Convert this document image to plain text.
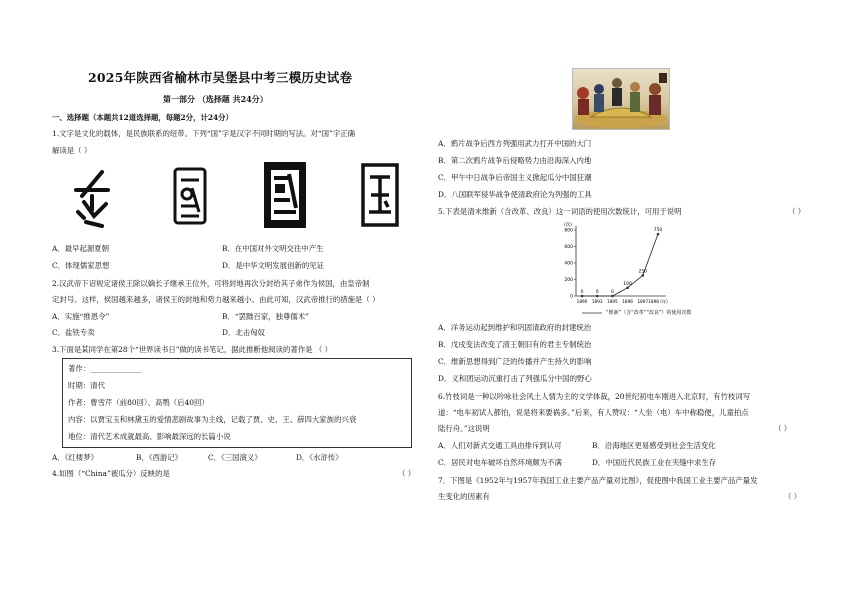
2025年陕西省榆林市吴堡县中考三模历史试卷
第一部分 （选择题 共24分）
一、选择题（本题共12道选择题，每题2分，计24分）
1.文字是文化的载体，是民族联系的纽带。下列“国”字是汉字不同时期的写法。对“国”字正确
解读是（ ）
A．最早起源夏朝	B．在中国对外文明交往中产生
C．体现儒家思想	D．是中华文明发展创新的见证
2.汉武帝下诏规定诸侯王除以嫡长子继承王位外，可将封地再次分封给其子弟作为侯国，由皇帝制
定封号。这样，侯国越来越多，诸侯王的封地和势力越来越小。由此可知，汉武帝推行的措施是（ ）
A．实施“推恩令”	B．“罢黜百家，独尊儒术”
C．盐铁专卖	D．北击匈奴
3.下面是某同学在第28个“世界读书日”做的读书笔记，据此推断他阅读的著作是 （ ）
著作：______________
时期：清代
作者：曹雪芹（前80回）、高鹗（后40回）
内容：以贾宝玉和林黛玉的爱情悲剧故事为主线，记载了贾、史、王、薛四大家族的兴衰
地位：清代艺术成就最高、影响最深远的长篇小说
A．《红楼梦》	B．《西游记》	C．《三国演义》	D．《水浒传》
4.如图（“China”被瓜分）反映的是	（ ）
A．鸦片战争后西方列强用武力打开中国的大门
B．第二次鸦片战争后侵略势力由沿海深入内地
C．甲午中日战争后帝国主义掀起瓜分中国狂潮
D．八国联军侵华战争使清政府沦为列强的工具
5.下表是清末维新（含改革、改良）这一词语的使用次数统计，可用于说明	（ ）
0
200
400
600
800
1890 1893 1895 1896 1897 1898 (年)
0	0	0
100
250
750
(次)
“维新”（含“改革”“改良”）的使用次数
A．洋务运动起到维护和巩固清政府的封建统治
B．戊戌变法改变了清王朝旧有的君主专制统治
C．维新思想得到广泛的传播并产生持久的影响
D．义和团运动沉重打击了列强瓜分中国的野心
6.竹枝词是一种以吟咏社会风土人情为主的文学体裁，20世纪初电车刚进入北京时，有竹枝词写
道：“电车初试人都怕，说是将来要祸多。”后来，有人赞叹：“人坐（电）车中称稳便，儿童拍点
陆行舟。”这说明	（ ）
A．人们对新式交通工具由排斥到认可	B．沿海地区更易感受到社会生活变化
C．居民对电车破坏自然环境颇为不满	D．中国近代民族工业在夹缝中求生存
7．下图是《1952年与1957年我国工业主要产品产量对比图》，促使图中我国工业主要产品产量发
生变化的因素有	（ ）
